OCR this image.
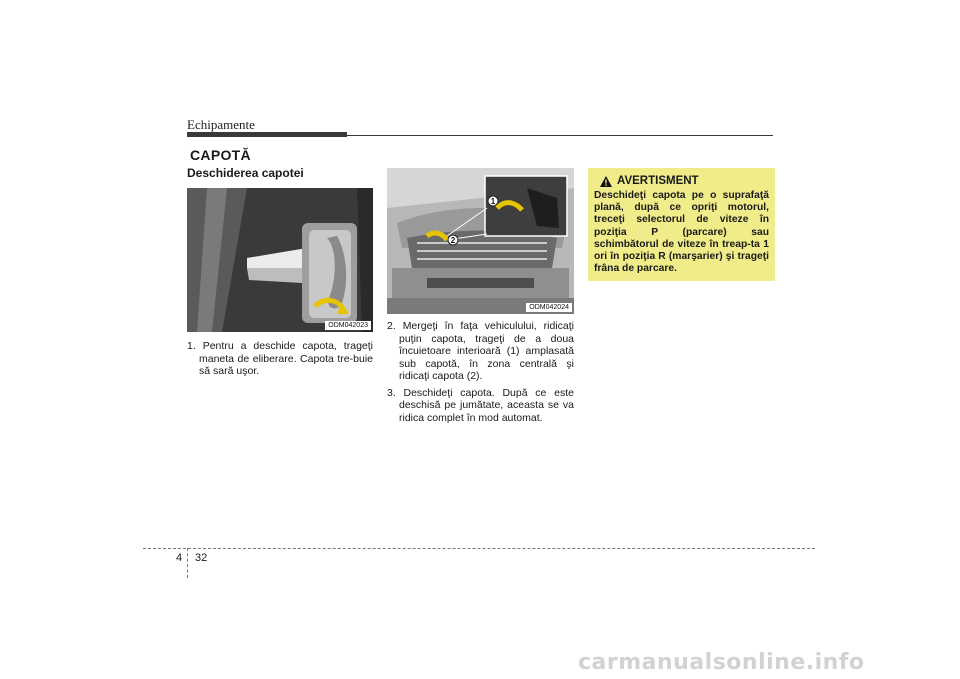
Echipamente
CAPOTĂ
Deschiderea capotei
ODM042023
1
2
ODM042024

1. Pentru a deschide capota, trageţi maneta de eliberare. Capota tre-buie să sară uşor.

2. Mergeţi în faţa vehiculului, ridicaţi puţin capota, trageţi de a doua încuietoare interioară (1) amplasată sub capotă, în zona centrală şi ridicaţi capota (2).

3. Deschideţi capota. După ce este deschisă pe jumătate, aceasta se va ridica complet în mod automat.

AVERTISMENT
Deschideţi capota pe o suprafaţă plană, după ce opriţi motorul, treceţi selectorul de viteze în poziţia P (parcare) sau schimbătorul de viteze în treap-ta 1 ori în poziţia R (marşarier) şi trageţi frâna de parcare.
4 32
carmanualsonline.info
